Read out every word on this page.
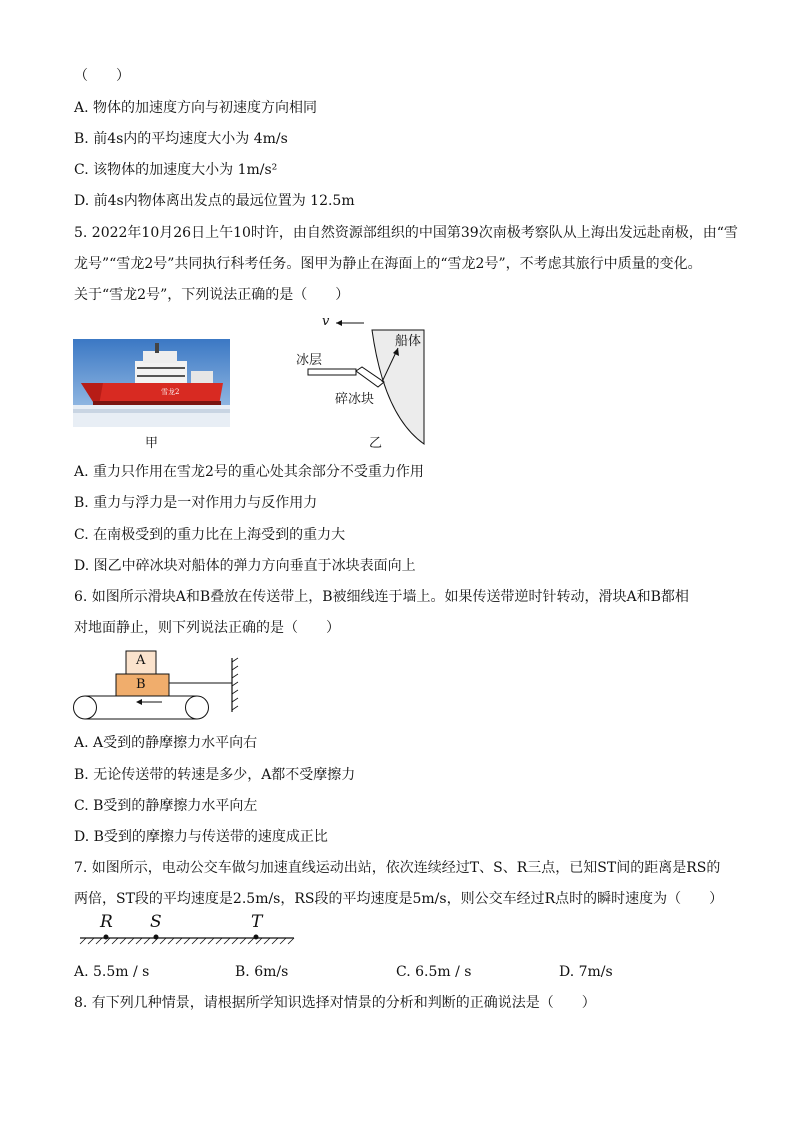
（　　）
A. 物体的加速度方向与初速度方向相同
B. 前4s内的平均速度大小为 4m/s
C. 该物体的加速度大小为 1m/s²
D. 前4s内物体离出发点的最远位置为 12.5m
5. 2022年10月26日上午10时许，由自然资源部组织的中国第39次南极考察队从上海出发远赴南极，由“雪
龙号”“雪龙2号”共同执行科考任务。图甲为静止在海面上的“雪龙2号”，不考虑其旅行中质量的变化。
关于“雪龙2号”，下列说法正确的是（　　）
雪龙2
甲
v
船体
冰层
碎冰块
乙
A. 重力只作用在雪龙2号的重心处其余部分不受重力作用
B. 重力与浮力是一对作用力与反作用力
C. 在南极受到的重力比在上海受到的重力大
D. 图乙中碎冰块对船体的弹力方向垂直于冰块表面向上
6. 如图所示滑块A和B叠放在传送带上，B被细线连于墙上。如果传送带逆时针转动，滑块A和B都相
对地面静止，则下列说法正确的是（　　）
A
B
A. A受到的静摩擦力水平向右
B. 无论传送带的转速是多少，A都不受摩擦力
C. B受到的静摩擦力水平向左
D. B受到的摩擦力与传送带的速度成正比
7. 如图所示，电动公交车做匀加速直线运动出站，依次连续经过T、S、R三点，已知ST间的距离是RS的
两倍，ST段的平均速度是2.5m/s，RS段的平均速度是5m/s，则公交车经过R点时的瞬时速度为（　　）
R S	T
A. 5.5m / s	B. 6m/s	C. 6.5m / s	D. 7m/s
8. 有下列几种情景，请根据所学知识选择对情景的分析和判断的正确说法是（　　）
